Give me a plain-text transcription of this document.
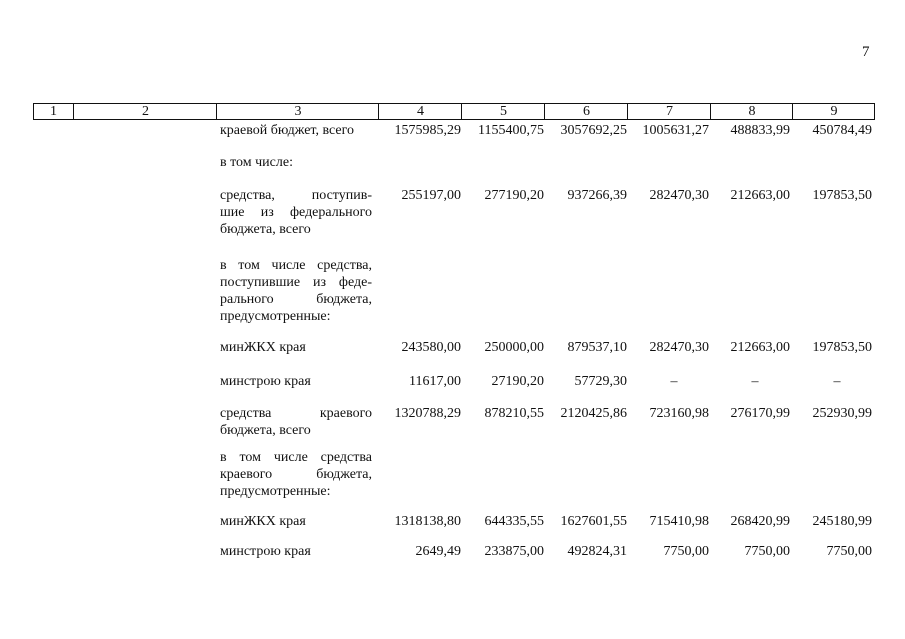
7
1	2	3	4	5	6	7	8	9
краевой бюджет, всего	1575985,29	1155400,75	3057692,25	1005631,27	488833,99	450784,49
в том числе:
средства, поступив-
шие из федерального
бюджета, всего
255197,00	277190,20	937266,39	282470,30	212663,00	197853,50
в том числе средства,
поступившие из феде-
рального бюджета,
предусмотренные:
минЖКХ края	243580,00	250000,00	879537,10	282470,30	212663,00	197853,50
минстрою края	11617,00	27190,20	57729,30	–	–	–
средства краевого
бюджета, всего
1320788,29	878210,55	2120425,86	723160,98	276170,99	252930,99
в том числе средства
краевого бюджета,
предусмотренные:
минЖКХ края	1318138,80	644335,55	1627601,55	715410,98	268420,99	245180,99
минстрою края	2649,49	233875,00	492824,31	7750,00	7750,00	7750,00
